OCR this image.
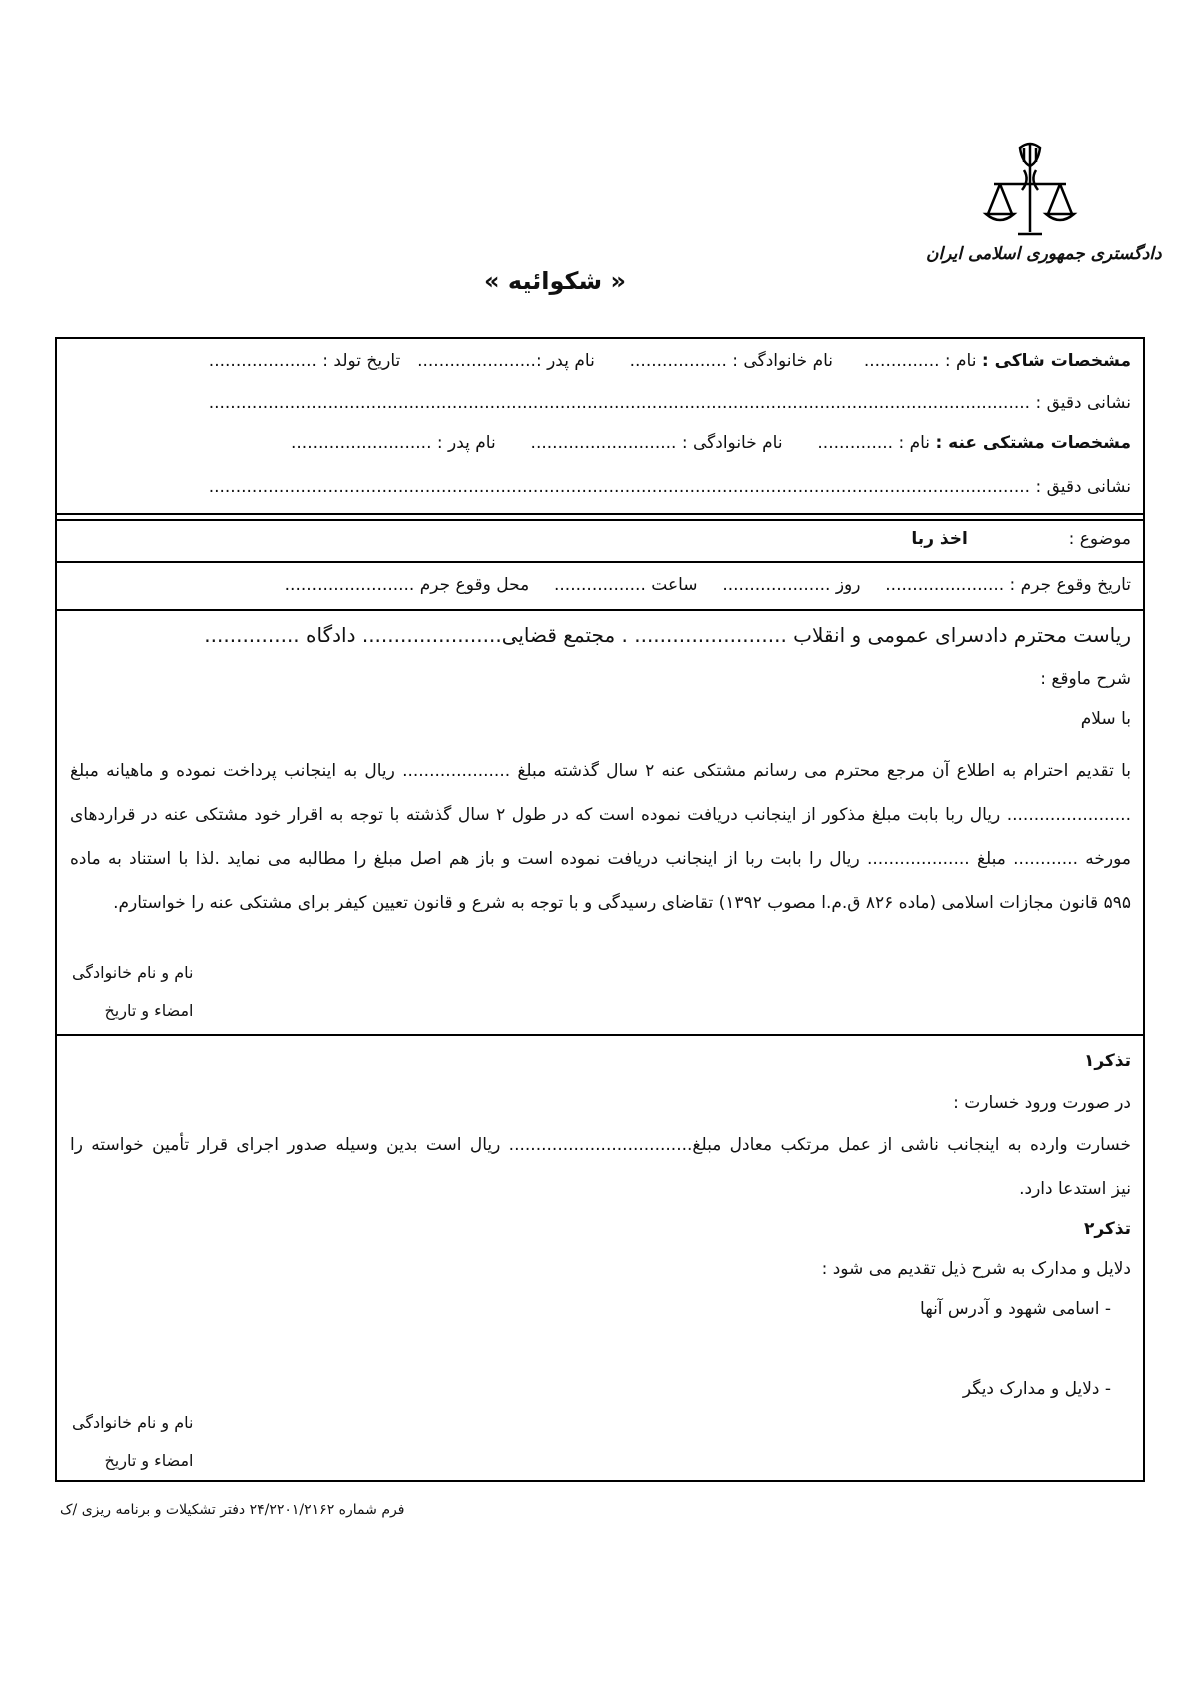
دادگستری جمهوری اسلامی ایران
« شکوائیه »
مشخصات شاکی : نام : ..............  نام خانوادگی : ..................  نام پدر :......................  تاریخ تولد : ....................
نشانی دقیق : ........................................................................................................................................................
مشخصات مشتکی عنه : نام : ..............  نام خانوادگی : ...........................  نام پدر : ..........................
نشانی دقیق : ........................................................................................................................................................
موضوع :  اخذ ربا
تاریخ وقوع جرم : ......................  روز ....................  ساعت .................  محل وقوع جرم ........................
ریاست محترم دادسرای عمومی و انقلاب ........................ . مجتمع قضایی...................... دادگاه ...............
شرح ماوقع :
با سلام
با تقدیم احترام به اطلاع آن مرجع محترم می رسانم مشتکی عنه ۲ سال گذشته مبلغ .................... ریال به اینجانب پرداخت نموده و ماهیانه مبلغ
....................... ریال ربا بابت مبلغ مذکور از اینجانب دریافت نموده است که در طول ۲ سال گذشته با توجه به اقرار خود مشتکی عنه در قراردهای
مورخه ............ مبلغ ................... ریال را بابت ربا از اینجانب دریافت نموده است و باز هم اصل مبلغ را مطالبه می نماید .لذا با استناد به ماده
۵۹۵ قانون مجازات اسلامی (ماده ۸۲۶ ق.م.ا مصوب ۱۳۹۲) تقاضای رسیدگی و با توجه به شرع و قانون تعیین کیفر برای مشتکی عنه را خواستارم.
نام و نام خانوادگی
امضاء و تاریخ
تذکر۱
در صورت ورود خسارت :
خسارت وارده به اینجانب ناشی از عمل مرتکب معادل مبلغ.................................. ریال است بدین وسیله صدور اجرای قرار تأمین خواسته را
نیز استدعا دارد.
تذکر۲
دلایل و مدارک به شرح ذیل تقدیم می شود :
- اسامی شهود و آدرس آنها
- دلایل و مدارک دیگر
نام و نام خانوادگی
امضاء و تاریخ
فرم شماره ۲۴/۲۲۰۱/۲۱۶۲ دفتر تشکیلات و برنامه ریزی /ک
